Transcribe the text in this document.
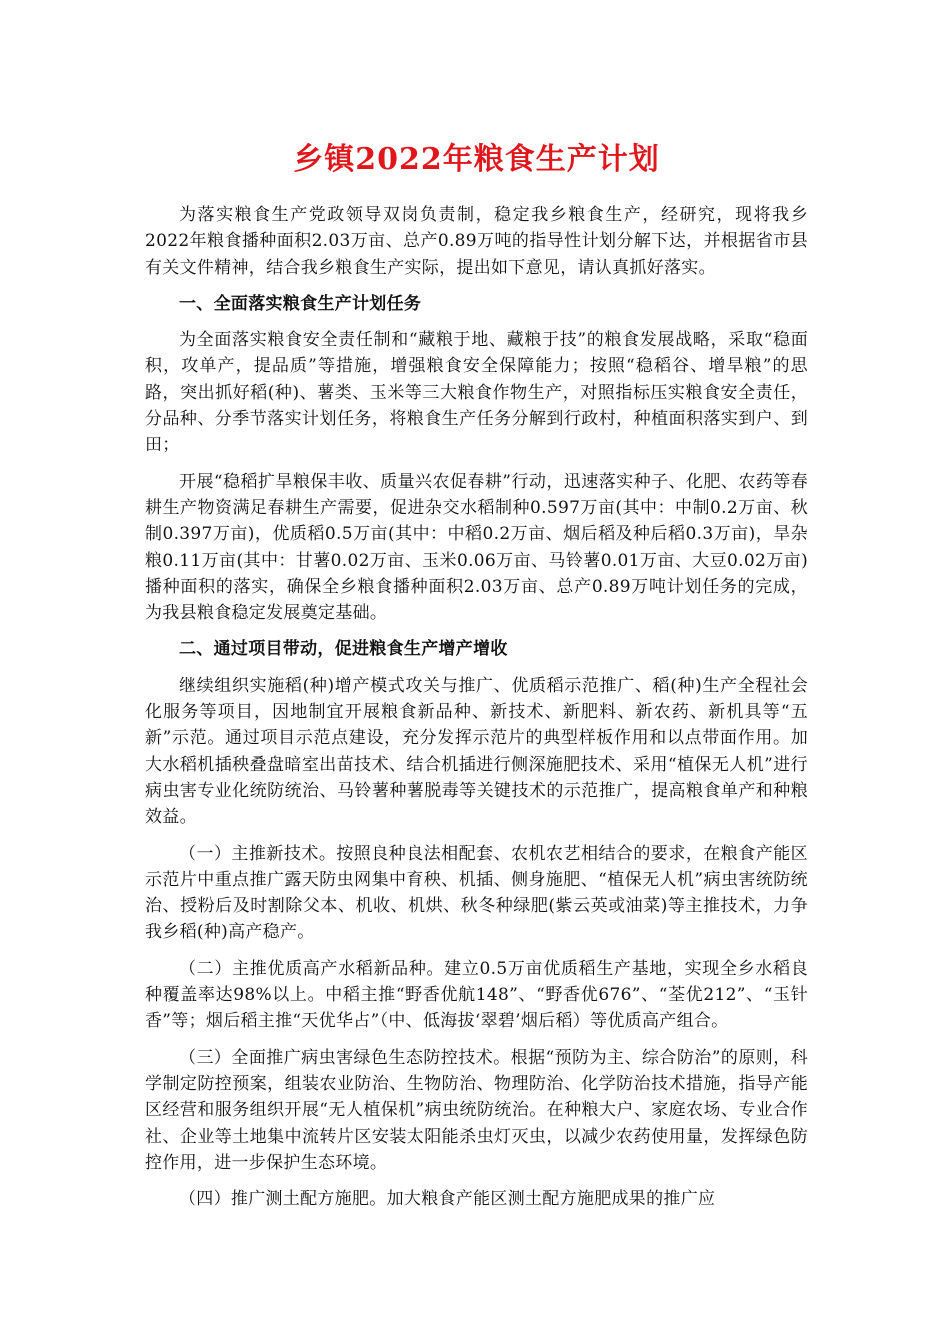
乡镇2022年粮食生产计划

为落实粮食生产党政领导双岗负责制，稳定我乡粮食生产，经研究，现将我乡2022年粮食播种面积2.03万亩、总产0.89万吨的指导性计划分解下达，并根据省市县有关文件精神，结合我乡粮食生产实际，提出如下意见，请认真抓好落实。

一、全面落实粮食生产计划任务

为全面落实粮食安全责任制和“藏粮于地、藏粮于技”的粮食发展战略，采取“稳面积，攻单产，提品质”等措施，增强粮食安全保障能力；按照“稳稻谷、增旱粮”的思路，突出抓好稻(种)、薯类、玉米等三大粮食作物生产，对照指标压实粮食安全责任，分品种、分季节落实计划任务，将粮食生产任务分解到行政村，种植面积落实到户、到田；

开展“稳稻扩旱粮保丰收、质量兴农促春耕”行动，迅速落实种子、化肥、农药等春耕生产物资满足春耕生产需要，促进杂交水稻制种0.597万亩(其中：中制0.2万亩、秋制0.397万亩)，优质稻0.5万亩(其中：中稻0.2万亩、烟后稻及种后稻0.3万亩)，旱杂粮0.11万亩(其中：甘薯0.02万亩、玉米0.06万亩、马铃薯0.01万亩、大豆0.02万亩)播种面积的落实，确保全乡粮食播种面积2.03万亩、总产0.89万吨计划任务的完成，为我县粮食稳定发展奠定基础。

二、通过项目带动，促进粮食生产增产增收

继续组织实施稻(种)增产模式攻关与推广、优质稻示范推广、稻(种)生产全程社会化服务等项目，因地制宜开展粮食新品种、新技术、新肥料、新农药、新机具等“五新”示范。通过项目示范点建设，充分发挥示范片的典型样板作用和以点带面作用。加大水稻机插秧叠盘暗室出苗技术、结合机插进行侧深施肥技术、采用“植保无人机”进行病虫害专业化统防统治、马铃薯种薯脱毒等关键技术的示范推广，提高粮食单产和种粮效益。

（一）主推新技术。按照良种良法相配套、农机农艺相结合的要求，在粮食产能区示范片中重点推广露天防虫网集中育秧、机插、侧身施肥、“植保无人机”病虫害统防统治、授粉后及时割除父本、机收、机烘、秋冬种绿肥(紫云英或油菜)等主推技术，力争我乡稻(种)高产稳产。

（二）主推优质高产水稻新品种。建立0.5万亩优质稻生产基地，实现全乡水稻良种覆盖率达98%以上。中稻主推“野香优航148”、“野香优676”、“荃优212”、“玉针香”等；烟后稻主推“天优华占”（中、低海拔‘翠碧’烟后稻）等优质高产组合。

（三）全面推广病虫害绿色生态防控技术。根据“预防为主、综合防治”的原则，科学制定防控预案，组装农业防治、生物防治、物理防治、化学防治技术措施，指导产能区经营和服务组织开展“无人植保机”病虫统防统治。在种粮大户、家庭农场、专业合作社、企业等土地集中流转片区安装太阳能杀虫灯灭虫，以减少农药使用量，发挥绿色防控作用，进一步保护生态环境。

（四）推广测土配方施肥。加大粮食产能区测土配方施肥成果的推广应
